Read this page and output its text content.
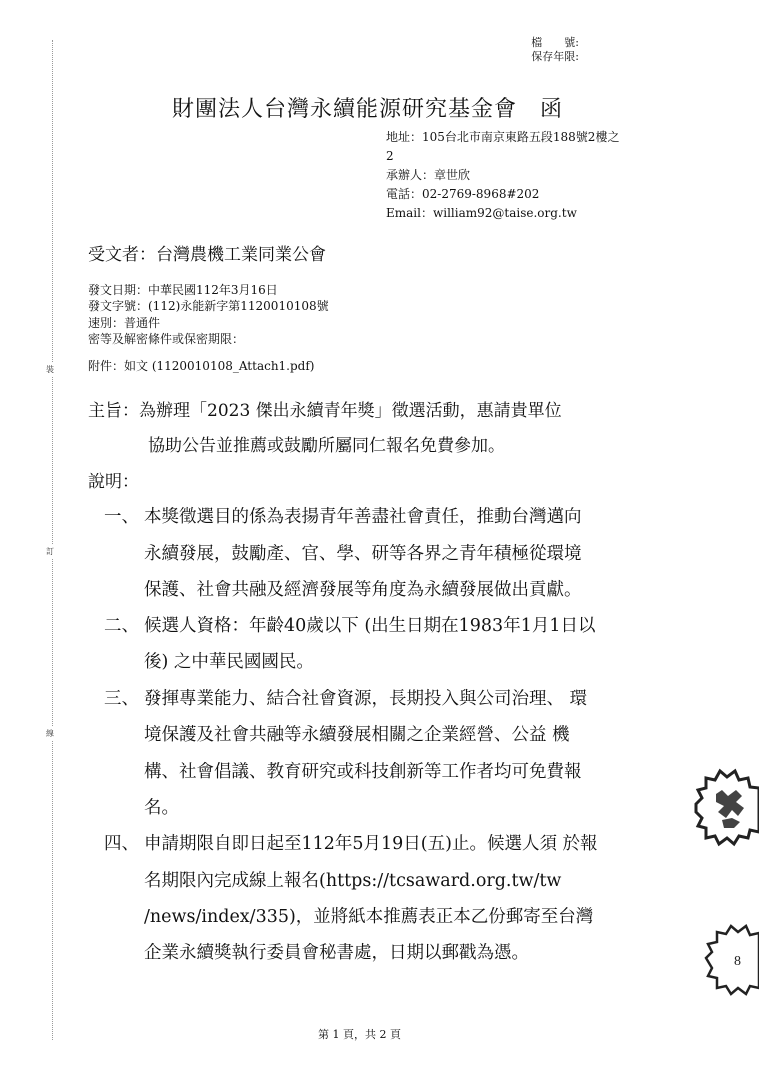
裝
訂
線
檔　　號:
保存年限:
財團法人台灣永續能源研究基金會　函
地址：105台北市南京東路五段188號2樓之
2
承辦人：章世欣
電話：02-2769-8968#202
Email：william92@taise.org.tw
受文者：台灣農機工業同業公會
發文日期：中華民國112年3月16日
發文字號：(112)永能新字第1120010108號
速別：普通件
密等及解密條件或保密期限：
附件：如文 (1120010108_Attach1.pdf)
主旨：為辦理「2023 傑出永續青年獎」徵選活動，惠請貴單位
協助公告並推薦或鼓勵所屬同仁報名免費參加。
說明：
一、 本獎徵選目的係為表揚青年善盡社會責任，推動台灣邁向
永續發展，鼓勵產、官、學、研等各界之青年積極從環境
保護、社會共融及經濟發展等角度為永續發展做出貢獻。
二、 候選人資格：年齡40歲以下 (出生日期在1983年1月1日以
後) 之中華民國國民。
三、 發揮專業能力、結合社會資源，長期投入與公司治理、 環
境保護及社會共融等永續發展相關之企業經營、公益 機
構、社會倡議、教育研究或科技創新等工作者均可免費報
名。
四、 申請期限自即日起至112年5月19日(五)止。候選人須 於報
名期限內完成線上報名(https://tcsaward.org.tw/tw
/news/index/335)，並將紙本推薦表正本乙份郵寄至台灣
企業永續獎執行委員會秘書處，日期以郵戳為憑。	8
第 1 頁，共 2 頁
